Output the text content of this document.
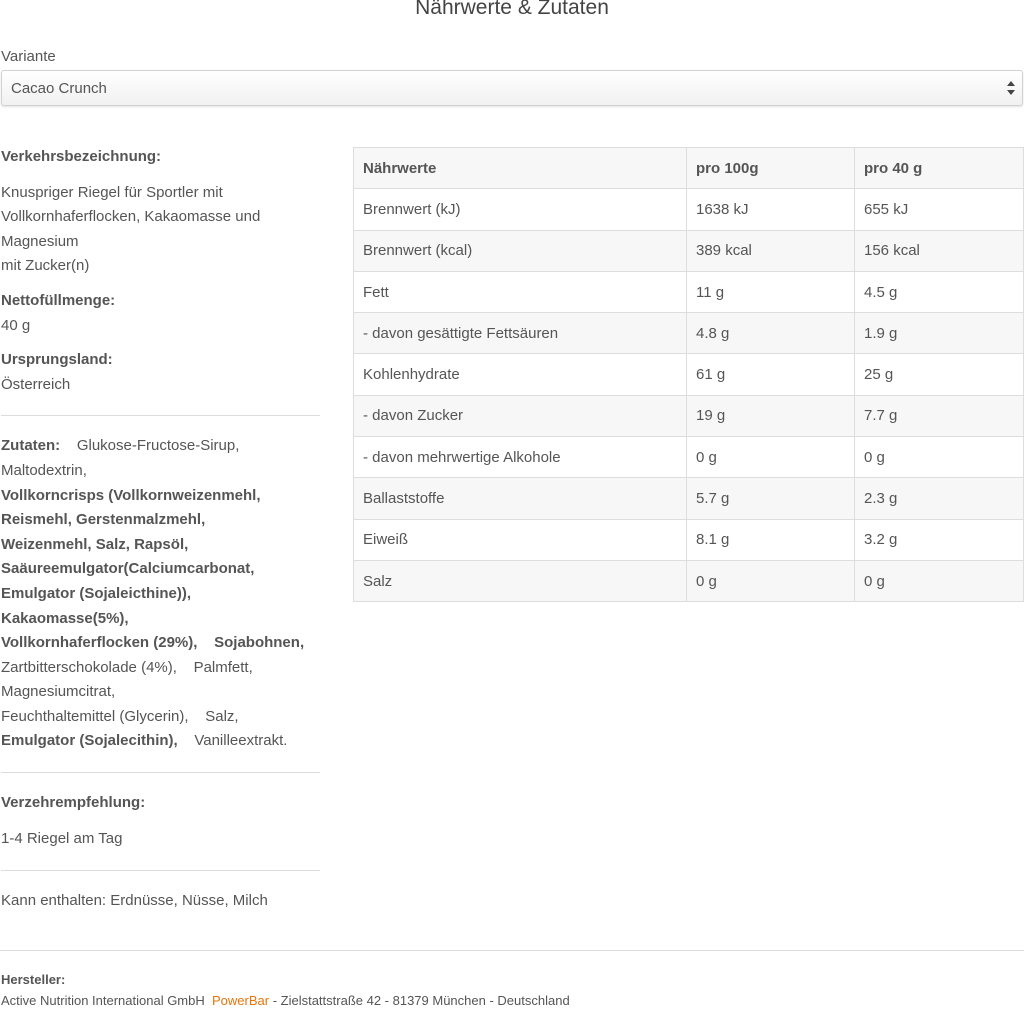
Nährwerte & Zutaten
Variante
Cacao Crunch
Verkehrsbezeichnung:
Knuspriger Riegel für Sportler mit
Vollkornhaferflocken, Kakaomasse und
Magnesium
mit Zucker(n)
Nettofüllmenge:
40 g
Ursprungsland:
Österreich
Zutaten: Glukose-Fructose-Sirup,
Maltodextrin,
Vollkorncrisps (Vollkornweizenmehl,
Reismehl, Gerstenmalzmehl,
Weizenmehl, Salz, Rapsöl,
Saäureemulgator(Calciumcarbonat,
Emulgator (Sojaleicthine)),
Kakaomasse(5%),
Vollkornhaferflocken (29%), Sojabohnen,
Zartbitterschokolade (4%), Palmfett,
Magnesiumcitrat,
Feuchthaltemittel (Glycerin), Salz,
Emulgator (Sojalecithin), Vanilleextrakt.
Verzehrempfehlung:
1-4 Riegel am Tag
Kann enthalten: Erdnüsse, Nüsse, Milch
Nährwerte	pro 100g	pro 40 g
Brennwert (kJ)	1638 kJ	655 kJ
Brennwert (kcal)	389 kcal	156 kcal
Fett	11 g	4.5 g
- davon gesättigte Fettsäuren	4.8 g	1.9 g
Kohlenhydrate	61 g	25 g
- davon Zucker	19 g	7.7 g
- davon mehrwertige Alkohole	0 g	0 g
Ballaststoffe	5.7 g	2.3 g
Eiweiß	8.1 g	3.2 g
Salz	0 g	0 g
Hersteller:
Active Nutrition International GmbH PowerBar - Zielstattstraße 42 - 81379 München - Deutschland
